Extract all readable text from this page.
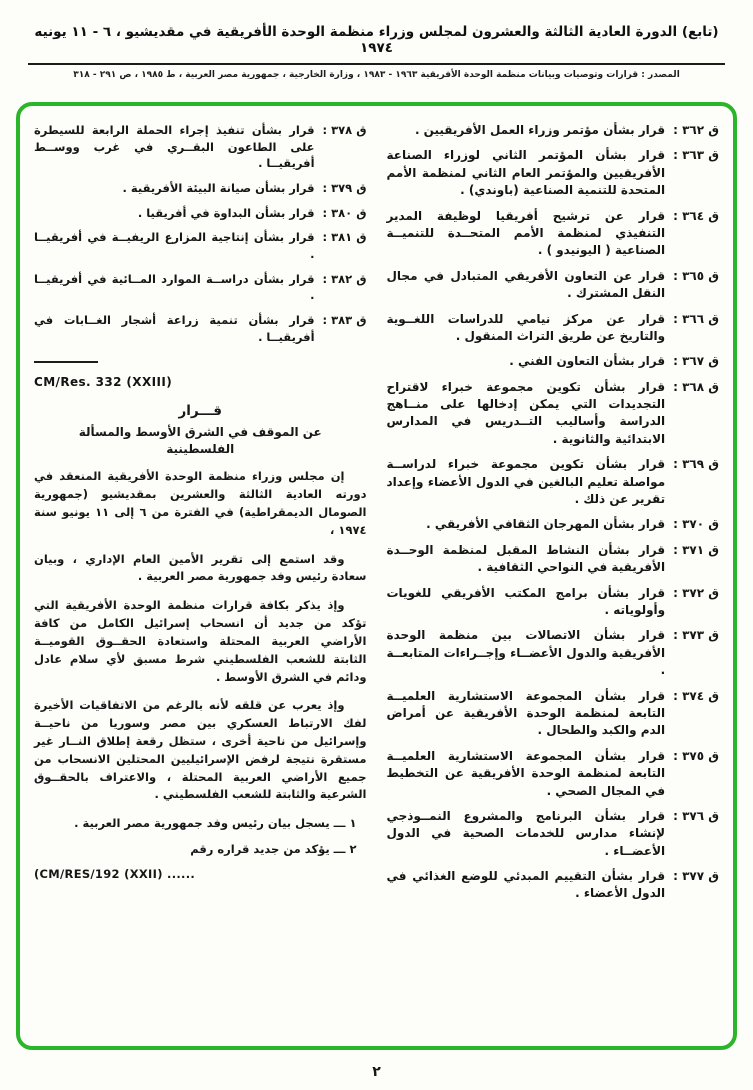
(تابع) الدورة العادية الثالثة والعشرون لمجلس وزراء منظمة الوحدة الأفريقية في مقديشيو ، ٦ - ١١ يونيه ١٩٧٤
المصدر : قرارات وتوصيات وبيانات منظمة الوحدة الأفريقية ١٩٦٣ - ١٩٨٣ ، وزارة الخارجية ، جمهورية مصر العربية ، ط ١٩٨٥ ، ص ٢٩١ - ٣١٨
ق ٣٦٢ :
قرار بشأن مؤتمر وزراء العمل الأفريقيين .
ق ٣٦٣ :
قرار بشأن المؤتمر الثاني لوزراء الصناعة الأفريقيين والمؤتمر العام الثاني لمنظمة الأمم المتحدة للتنمية الصناعية (باوندي) .
ق ٣٦٤ :
قرار عن ترشيح أفريقيا لوظيفة المدير التنفيذي لمنظمة الأمم المتحــدة للتنميــة الصناعية ( اليونيدو ) .
ق ٣٦٥ :
قرار عن التعاون الأفريقي المتبادل في مجال النقل المشترك .
ق ٣٦٦ :
قرار عن مركز نيامي للدراسات اللغــوية والتاريخ عن طريق التراث المنقول .
ق ٣٦٧ :
قرار بشأن التعاون الفني .
ق ٣٦٨ :
قرار بشأن تكوين مجموعة خبراء لاقتراح التجديدات التي يمكن إدخالها على منــاهج الدراسة وأساليب التــدريس في المدارس الابتدائية والثانوية .
ق ٣٦٩ :
قرار بشأن تكوين مجموعة خبراء لدراســة مواصلة تعليم البالغين في الدول الأعضاء وإعداد تقرير عن ذلك .
ق ٣٧٠ :
قرار بشأن المهرجان الثقافي الأفريقي .
ق ٣٧١ :
قرار بشأن النشاط المقبل لمنظمة الوحــدة الأفريقية في النواحي الثقافية .
ق ٣٧٢ :
قرار بشأن برامج المكتب الأفريقي للغويات وأولوياته .
ق ٣٧٣ :
قرار بشأن الاتصالات بين منظمة الوحدة الأفريقية والدول الأعضــاء وإجــراءات المتابعــة .
ق ٣٧٤ :
قرار بشأن المجموعة الاستشارية العلميــة التابعة لمنظمة الوحدة الأفريقية عن أمراض الدم والكبد والطحال .
ق ٣٧٥ :
قرار بشأن المجموعة الاستشارية العلميــة التابعة لمنظمة الوحدة الأفريقية عن التخطيط في المجال الصحي .
ق ٣٧٦ :
قرار بشأن البرنامج والمشروع النمــوذجي لإنشاء مدارس للخدمات الصحية في الدول الأعضــاء .
ق ٣٧٧ :
قرار بشأن التقييم المبدئي للوضع الغذائي في الدول الأعضاء .
ق ٣٧٨ :
قرار بشأن تنفيذ إجراء الحملة الرابعة للسيطرة على الطاعون البقــري في غرب ووســط أفريقيــا .
ق ٣٧٩ :
قرار بشأن صيانة البيئة الأفريقية .
ق ٣٨٠ :
قرار بشأن البداوة في أفريقيا .
ق ٣٨١ :
قرار بشأن إنتاجية المزارع الريفيــة في أفريقيــا .
ق ٣٨٢ :
قرار بشأن دراســة الموارد المــائية في أفريقيــا .
ق ٣٨٣ :
قرار بشأن تنمية زراعة أشجار الغــابات في أفريقيــا .
CM/Res. 332 (XXIII)
قـــرار
عن الموقف في الشرق الأوسط والمسألة
الفلسطينية

إن مجلس وزراء منظمة الوحدة الأفريقية المنعقد في دورته العادية الثالثة والعشرين بمقديشيو (جمهورية الصومال الديمقراطية) في الفترة من ٦ إلى ١١ يونيو سنة ١٩٧٤ ،

وقد استمع إلى تقرير الأمين العام الإداري ، وبيان سعادة رئيس وفد جمهورية مصر العربية .

وإذ يذكر بكافة قرارات منظمة الوحدة الأفريقية التي تؤكد من جديد أن انسحاب إسرائيل الكامل من كافة الأراضي العربية المحتلة واستعادة الحقــوق القوميــة الثابتة للشعب الفلسطيني شرط مسبق لأي سلام عادل ودائم في الشرق الأوسط .

وإذ يعرب عن قلقه لأنه بالرغم من الاتفاقيات الأخيرة لفك الارتباط العسكري بين مصر وسوريا من ناحيــة وإسرائيل من ناحية أخرى ، ستظل رقعة إطلاق النــار غير مستقرة نتيجة لرفض الإسرائيليين المحتلين الانسحاب من جميع الأراضي العربية المحتلة ، والاعتراف بالحقــوق الشرعية والثابتة للشعب الفلسطيني .

١ ـــ يسجل بيان رئيس وفد جمهورية مصر العربية .

٢ ـــ يؤكد من جديد قراره رقم

(CM/RES/192 (XXII) ......
٢
